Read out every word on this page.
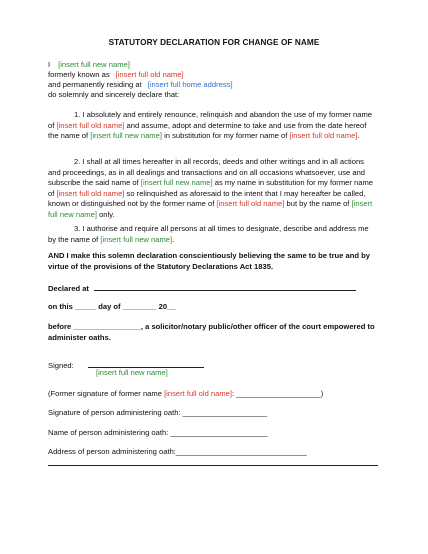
STATUTORY DECLARATION FOR CHANGE OF NAME
I [insert full new name]
formerly known as [insert full old name]
and permanently residing at [insert full home address]
do solemnly and sincerely declare that:
1. I absolutely and entirely renounce, relinquish and abandon the use of my former name of [insert full old name] and assume, adopt and determine to take and use from the date hereof the name of [insert full new name] in substitution for my former name of [insert full old name].
2. I shall at all times hereafter in all records, deeds and other writings and in all actions and proceedings, as in all dealings and transactions and on all occasions whatsoever, use and subscribe the said name of [insert full new name] as my name in substitution for my former name of [insert full old name] so relinquished as aforesaid to the intent that I may hereafter be called, known or distinguished not by the former name of [insert full old name] but by the name of [insert full new name] only.
3. I authorise and require all persons at all times to designate, describe and address me by the name of [insert full new name].
AND I make this solemn declaration conscientiously believing the same to be true and by virtue of the provisions of the Statutory Declarations Act 1835.
Declared at
on this _____ day of ________ 20__
before ________________, a solicitor/notary public/other officer of the court empowered to administer oaths.
Signed:
[insert full new name]
(Former signature of former name [insert full old name]: ____________________)
Signature of person administering oath: ____________________
Name of person administering oath: _______________________
Address of person administering oath:_______________________________
